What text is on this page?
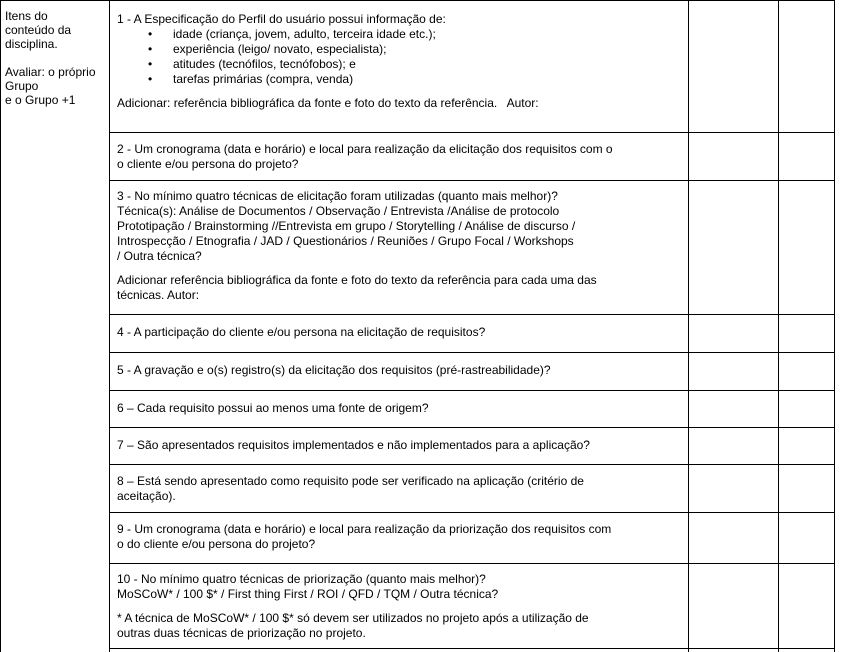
Itens do
conteúdo da
disciplina.
Avaliar: o próprio
Grupo
e o Grupo +1
1 - A Especificação do Perfil do usuário possui informação de:
• idade (criança, jovem, adulto, terceira idade etc.);
• experiência (leigo/ novato, especialista);
• atitudes (tecnófilos, tecnófobos); e
• tarefas primárias (compra, venda)
Adicionar: referência bibliográfica da fonte e foto do texto da referência.   Autor:
2 - Um cronograma (data e horário) e local para realização da elicitação dos requisitos com o
o cliente e/ou persona do projeto?
3 - No mínimo quatro técnicas de elicitação foram utilizadas (quanto mais melhor)?
Técnica(s): Análise de Documentos / Observação / Entrevista /Análise de protocolo
Prototipação / Brainstorming //Entrevista em grupo / Storytelling / Análise de discurso /
Introspecção / Etnografia / JAD / Questionários / Reuniões / Grupo Focal / Workshops
/ Outra técnica?
Adicionar referência bibliográfica da fonte e foto do texto da referência para cada uma das
técnicas. Autor:
4 - A participação do cliente e/ou persona na elicitação de requisitos?
5 - A gravação e o(s) registro(s) da elicitação dos requisitos (pré-rastreabilidade)?
6 – Cada requisito possui ao menos uma fonte de origem?
7 – São apresentados requisitos implementados e não implementados para a aplicação?
8 – Está sendo apresentado como requisito pode ser verificado na aplicação (critério de
aceitação).
9 - Um cronograma (data e horário) e local para realização da priorização dos requisitos com
o do cliente e/ou persona do projeto?
10 - No mínimo quatro técnicas de priorização (quanto mais melhor)?
MoSCoW* / 100 $* / First thing First / ROI / QFD / TQM / Outra técnica?
* A técnica de MoSCoW* / 100 $* só devem ser utilizados no projeto após a utilização de
outras duas técnicas de priorização no projeto.
